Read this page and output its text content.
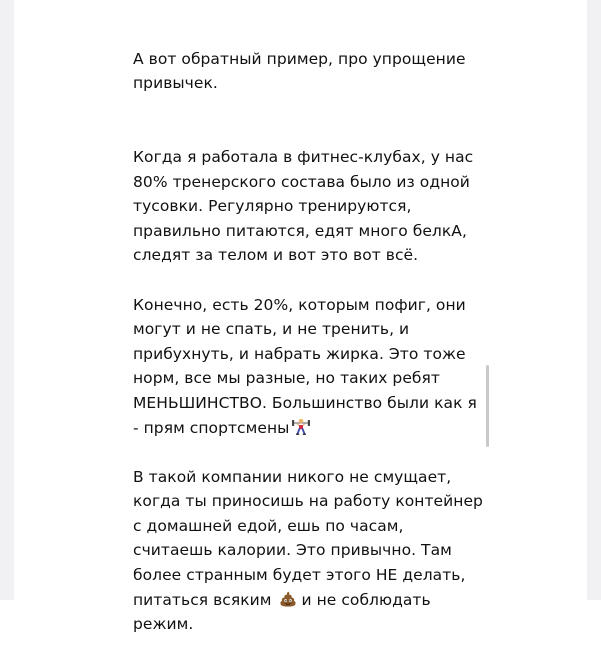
А вот обратный пример, про упрощение
привычек.

Когда я работала в фитнес-клубах, у нас
80% тренерского состава было из одной
тусовки. Регулярно тренируются,
правильно питаются, едят много белкА,
следят за телом и вот это вот всё.

Конечно, есть 20%, которым пофиг, они
могут и не спать, и не тренить, и
прибухнуть, и набрать жирка. Это тоже
норм, все мы разные, но таких ребят
МЕНЬШИНСТВО. Большинство были как я
- прям спортсмены

В такой компании никого не смущает,
когда ты приносишь на работу контейнер
с домашней едой, ешь по часам,
считаешь калории. Это привычно. Там
более странным будет этого НЕ делать,
питаться всяким
и не соблюдать
режим.
